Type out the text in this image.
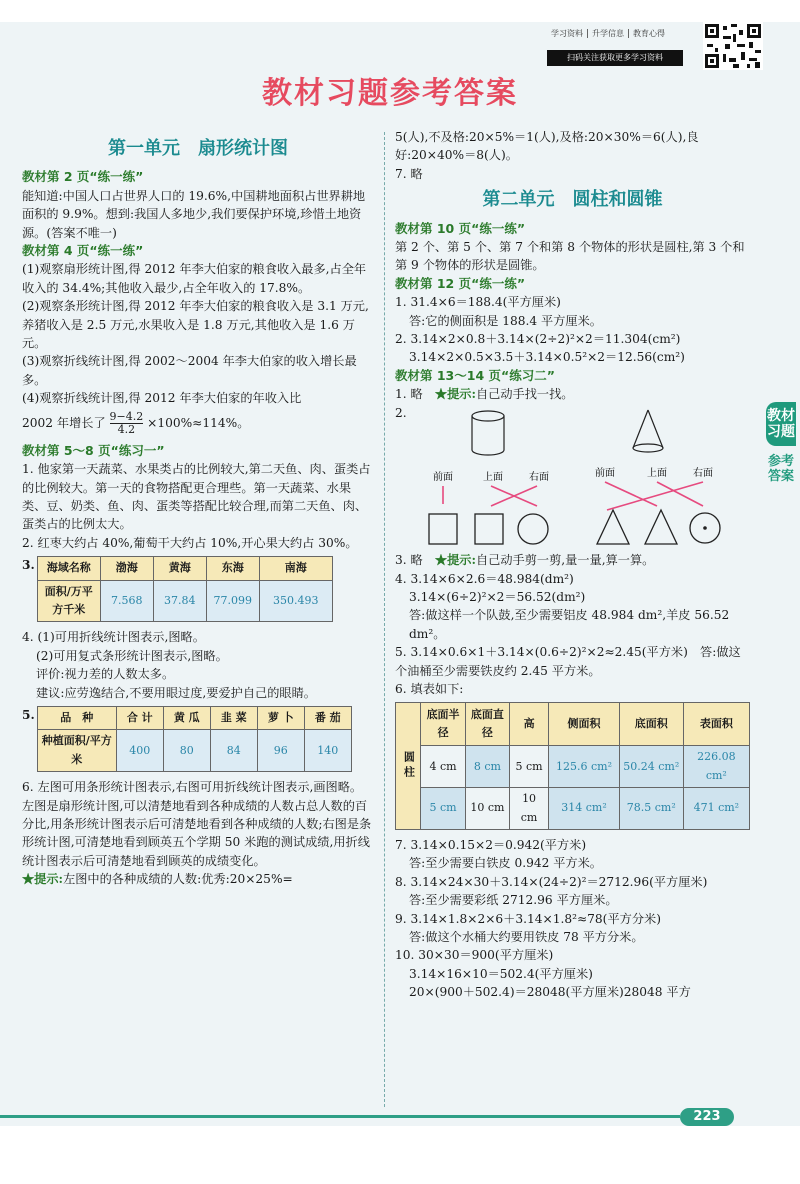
学习资料 升学信息 教育心得
扫码关注获取更多学习资料
教材习题参考答案
第一单元　扇形统计图

教材第 2 页“练一练”

能知道:中国人口占世界人口的 19.6%,中国耕地面积占世界耕地面积的 9.9%。想到:我国人多地少,我们要保护环境,珍惜土地资源。(答案不唯一)

教材第 4 页“练一练”

(1)观察扇形统计图,得 2012 年李大伯家的粮食收入最多,占全年收入的 34.4%;其他收入最少,占全年收入的 17.8%。

(2)观察条形统计图,得 2012 年李大伯家的粮食收入是 3.1 万元,养猪收入是 2.5 万元,水果收入是 1.8 万元,其他收入是 1.6 万元。

(3)观察折线统计图,得 2002～2004 年李大伯家的收入增长最多。

(4)观察折线统计图,得 2012 年李大伯家的年收入比

2002 年增长了 $\frac{9-4.2}{4.2} \times 100\%\approx 114\%$。

教材第 5～8 页“练习一”

1. 他家第一天蔬菜、水果类占的比例较大,第二天鱼、肉、蛋类占的比例较大。第一天的食物搭配更合理些。第一天蔬菜、水果类、豆、奶类、鱼、肉、蛋类等搭配比较合理,而第二天鱼、肉、蛋类占的比例太大。

2. 红枣大约占 40%,葡萄干大约占 10%,开心果大约占 30%。

3. 海域名称	渤海	黄海	东海	南海
面积/万平方千米	7.568	37.84	77.099	350.493

4. (1)可用折线统计图表示,图略。

(2)可用复式条形统计图表示,图略。

评价:视力差的人数太多。

建议:应劳逸结合,不要用眼过度,要爱护自己的眼睛。

5. 品　种	合 计	黄 瓜	韭 菜	萝 卜	番 茄
种植面积/平方米	400	80	84	96	140

6. 左图可用条形统计图表示,右图可用折线统计图表示,画图略。左图是扇形统计图,可以清楚地看到各种成绩的人数占总人数的百分比,用条形统计图表示后可清楚地看到各种成绩的人数;右图是条形统计图,可清楚地看到顾英五个学期 50 米跑的测试成绩,用折线统计图表示后可清楚地看到顾英的成绩变化。

★提示:左图中的各种成绩的人数:优秀:20×25%=

5(人),不及格:20×5%＝1(人),及格:20×30%＝6(人),良好:20×40%＝8(人)。

7. 略

第二单元　圆柱和圆锥

教材第 10 页“练一练”

第 2 个、第 5 个、第 7 个和第 8 个物体的形状是圆柱,第 3 个和第 9 个物体的形状是圆锥。

教材第 12 页“练一练”

1. 31.4×6＝188.4(平方厘米)

答:它的侧面积是 188.4 平方厘米。

2. 3.14×2×0.8＋3.14×(2÷2)²×2＝11.304(cm²)

3.14×2×0.5×3.5＋3.14×0.5²×2＝12.56(cm²)

教材第 13～14 页“练习二”

1. 略　 ★提示:自己动手找一找。

2.

前面	上面	右面	前面	上面	右面

3. 略　 ★提示:自己动手剪一剪,量一量,算一算。

4. 3.14×6×2.6＝48.984(dm²)

3.14×(6÷2)²×2＝56.52(dm²)

答:做这样一个队鼓,至少需要铝皮 48.984 dm²,羊皮 56.52 dm²。

5. 3.14×0.6×1＋3.14×(0.6÷2)²×2≈2.45(平方米)　答:做这个油桶至少需要铁皮约 2.45 平方米。

6. 填表如下:

圆柱	底面半径	底面直径	高	侧面积	底面积	表面积
	4 cm	8 cm	5 cm	125.6 cm²	50.24 cm²	226.08 cm²
	5 cm	10 cm	10 cm	314 cm²	78.5 cm²	471 cm²

7. 3.14×0.15×2＝0.942(平方米)

答:至少需要白铁皮 0.942 平方米。

8. 3.14×24×30＋3.14×(24÷2)²＝2712.96(平方厘米)

答:至少需要彩纸 2712.96 平方厘米。

9. 3.14×1.8×2×6＋3.14×1.8²≈78(平方分米)

答:做这个水桶大约要用铁皮 78 平方分米。

10. 30×30＝900(平方厘米)

3.14×16×10＝502.4(平方厘米)

20×(900＋502.4)＝28048(平方厘米)28048 平方

教材习题
参考答案
223
